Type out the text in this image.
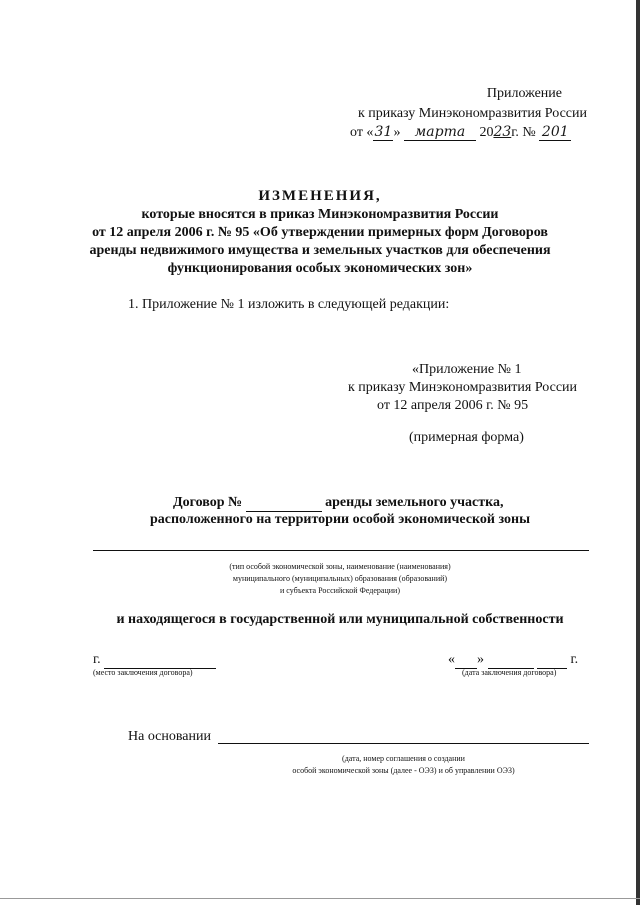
Приложение
к приказу Минэкономразвития России
от «31» марта 2023г. № 201
ИЗМЕНЕНИЯ,
которые вносятся в приказ Минэкономразвития России
от 12 апреля 2006 г. № 95 «Об утверждении примерных форм Договоров
аренды недвижимого имущества и земельных участков для обеспечения
функционирования особых экономических зон»
1. Приложение № 1 изложить в следующей редакции:
«Приложение № 1
к приказу Минэкономразвития России
от 12 апреля 2006 г. № 95
(примерная форма)
Договор №	аренды земельного участка,
расположенного на территории особой экономической зоны
(тип особой экономической зоны, наименование (наименования)
муниципального (муниципальных) образования (образований)
и субъекта Российской Федерации)
и находящегося в государственной или муниципальной собственности
г.
(место заключения договора)
« »	г.
(дата заключения договора)
На основании
(дата, номер соглашения о создании
особой экономической зоны (далее - ОЭЗ) и об управлении ОЭЗ)
